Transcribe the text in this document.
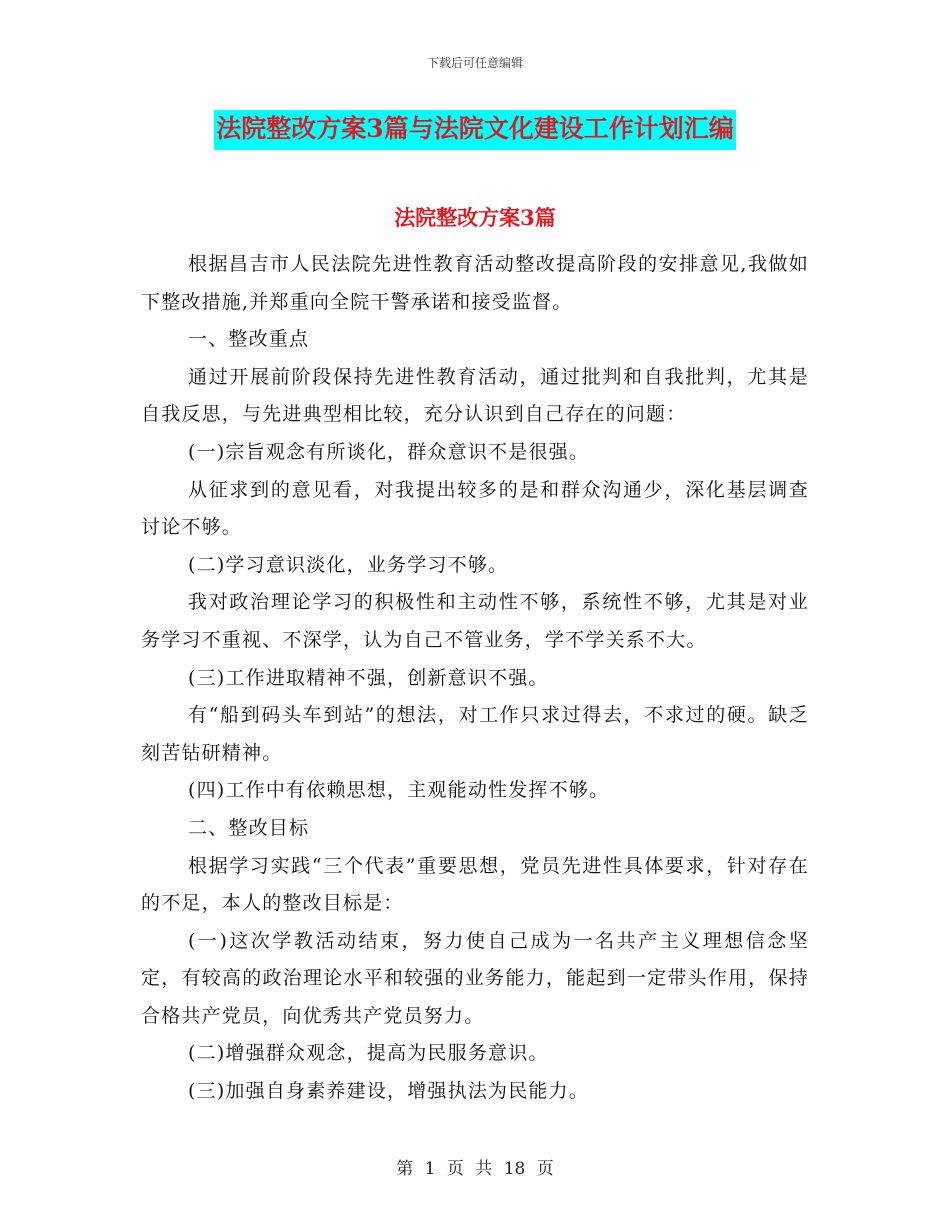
下载后可任意编辑
法院整改方案3篇与法院文化建设工作计划汇编
法院整改方案3篇

根据昌吉市人民法院先进性教育活动整改提高阶段的安排意见,我做如下整改措施,并郑重向全院干警承诺和接受监督。

一、整改重点

通过开展前阶段保持先进性教育活动，通过批判和自我批判，尤其是自我反思，与先进典型相比较，充分认识到自己存在的问题：

(一)宗旨观念有所谈化，群众意识不是很强。

从征求到的意见看，对我提出较多的是和群众沟通少，深化基层调查讨论不够。

(二)学习意识淡化，业务学习不够。

我对政治理论学习的积极性和主动性不够，系统性不够，尤其是对业务学习不重视、不深学，认为自己不管业务，学不学关系不大。

(三)工作进取精神不强，创新意识不强。

有“船到码头车到站”的想法，对工作只求过得去，不求过的硬。缺乏刻苦钻研精神。

(四)工作中有依赖思想，主观能动性发挥不够。

二、整改目标

根据学习实践“三个代表”重要思想，党员先进性具体要求，针对存在的不足，本人的整改目标是：

(一)这次学教活动结束，努力使自己成为一名共产主义理想信念坚定，有较高的政治理论水平和较强的业务能力，能起到一定带头作用，保持合格共产党员，向优秀共产党员努力。

(二)增强群众观念，提高为民服务意识。

(三)加强自身素养建设，增强执法为民能力。

第 1 页 共 18 页
